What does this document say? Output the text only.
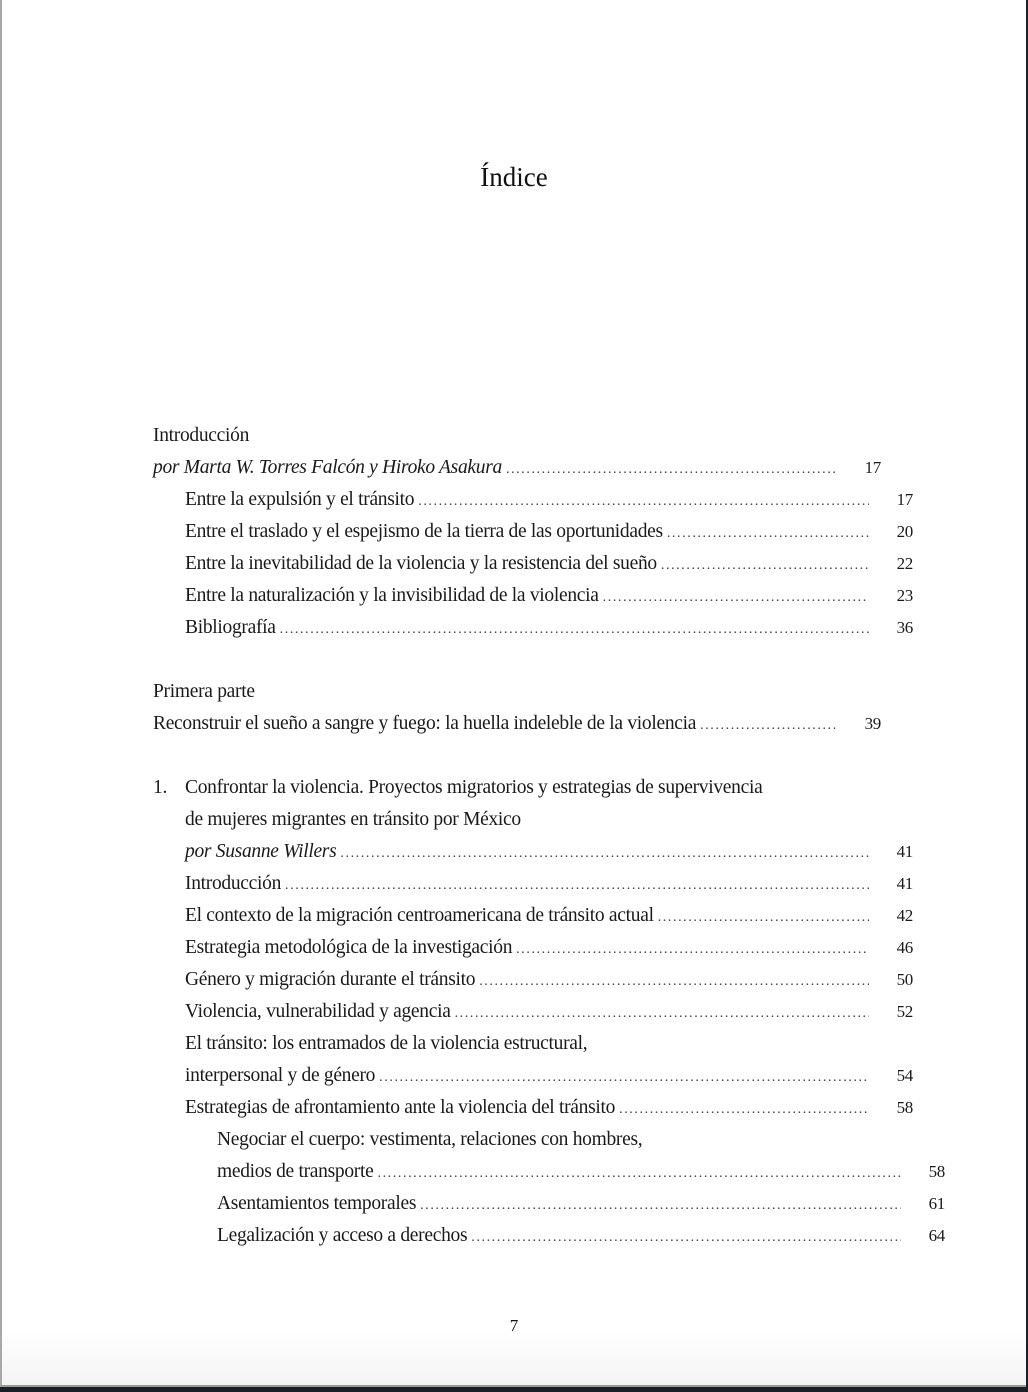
Índice
Introducción
por Marta W. Torres Falcón y Hiroko Asakura .....	17
Entre la expulsión y el tránsito .....	17
Entre el traslado y el espejismo de la tierra de las oportunidades .....	20
Entre la inevitabilidad de la violencia y la resistencia del sueño .....	22
Entre la naturalización y la invisibilidad de la violencia .....	23
Bibliografía .....	36
Primera parte
Reconstruir el sueño a sangre y fuego: la huella indeleble de la violencia .....	39
1. Confrontar la violencia. Proyectos migratorios y estrategias de supervivencia
de mujeres migrantes en tránsito por México
por Susanne Willers .....	41
Introducción .....	41
El contexto de la migración centroamericana de tránsito actual .....	42
Estrategia metodológica de la investigación .....	46
Género y migración durante el tránsito .....	50
Violencia, vulnerabilidad y agencia .....	52
El tránsito: los entramados de la violencia estructural,
interpersonal y de género .....	54
Estrategias de afrontamiento ante la violencia del tránsito .....	58
Negociar el cuerpo: vestimenta, relaciones con hombres,
medios de transporte .....	58
Asentamientos temporales .....	61
Legalización y acceso a derechos .....	64
7
